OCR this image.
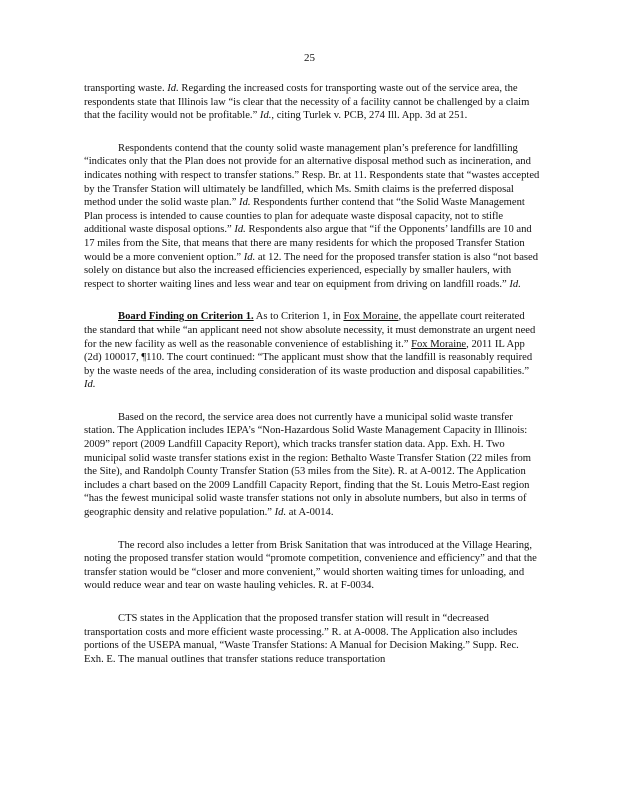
25

transporting waste. Id. Regarding the increased costs for transporting waste out of the service area, the respondents state that Illinois law “is clear that the necessity of a facility cannot be challenged by a claim that the facility would not be profitable.” Id., citing Turlek v. PCB, 274 Ill. App. 3d at 251.

Respondents contend that the county solid waste management plan’s preference for landfilling “indicates only that the Plan does not provide for an alternative disposal method such as incineration, and indicates nothing with respect to transfer stations.” Resp. Br. at 11. Respondents state that “wastes accepted by the Transfer Station will ultimately be landfilled, which Ms. Smith claims is the preferred disposal method under the solid waste plan.” Id. Respondents further contend that “the Solid Waste Management Plan process is intended to cause counties to plan for adequate waste disposal capacity, not to stifle additional waste disposal options.” Id. Respondents also argue that “if the Opponents’ landfills are 10 and 17 miles from the Site, that means that there are many residents for which the proposed Transfer Station would be a more convenient option.” Id. at 12. The need for the proposed transfer station is also “not based solely on distance but also the increased efficiencies experienced, especially by smaller haulers, with respect to shorter waiting lines and less wear and tear on equipment from driving on landfill roads.” Id.

Board Finding on Criterion 1. As to Criterion 1, in Fox Moraine, the appellate court reiterated the standard that while “an applicant need not show absolute necessity, it must demonstrate an urgent need for the new facility as well as the reasonable convenience of establishing it.” Fox Moraine, 2011 IL App (2d) 100017, ¶110. The court continued: “The applicant must show that the landfill is reasonably required by the waste needs of the area, including consideration of its waste production and disposal capabilities.” Id.

Based on the record, the service area does not currently have a municipal solid waste transfer station. The Application includes IEPA’s “Non-Hazardous Solid Waste Management Capacity in Illinois: 2009” report (2009 Landfill Capacity Report), which tracks transfer station data. App. Exh. H. Two municipal solid waste transfer stations exist in the region: Bethalto Waste Transfer Station (22 miles from the Site), and Randolph County Transfer Station (53 miles from the Site). R. at A-0012. The Application includes a chart based on the 2009 Landfill Capacity Report, finding that the St. Louis Metro-East region “has the fewest municipal solid waste transfer stations not only in absolute numbers, but also in terms of geographic density and relative population.” Id. at A-0014.

The record also includes a letter from Brisk Sanitation that was introduced at the Village Hearing, noting the proposed transfer station would “promote competition, convenience and efficiency” and that the transfer station would be “closer and more convenient,” would shorten waiting times for unloading, and would reduce wear and tear on waste hauling vehicles. R. at F-0034.

CTS states in the Application that the proposed transfer station will result in “decreased transportation costs and more efficient waste processing.” R. at A-0008. The Application also includes portions of the USEPA manual, “Waste Transfer Stations: A Manual for Decision Making.” Supp. Rec. Exh. E. The manual outlines that transfer stations reduce transportation
